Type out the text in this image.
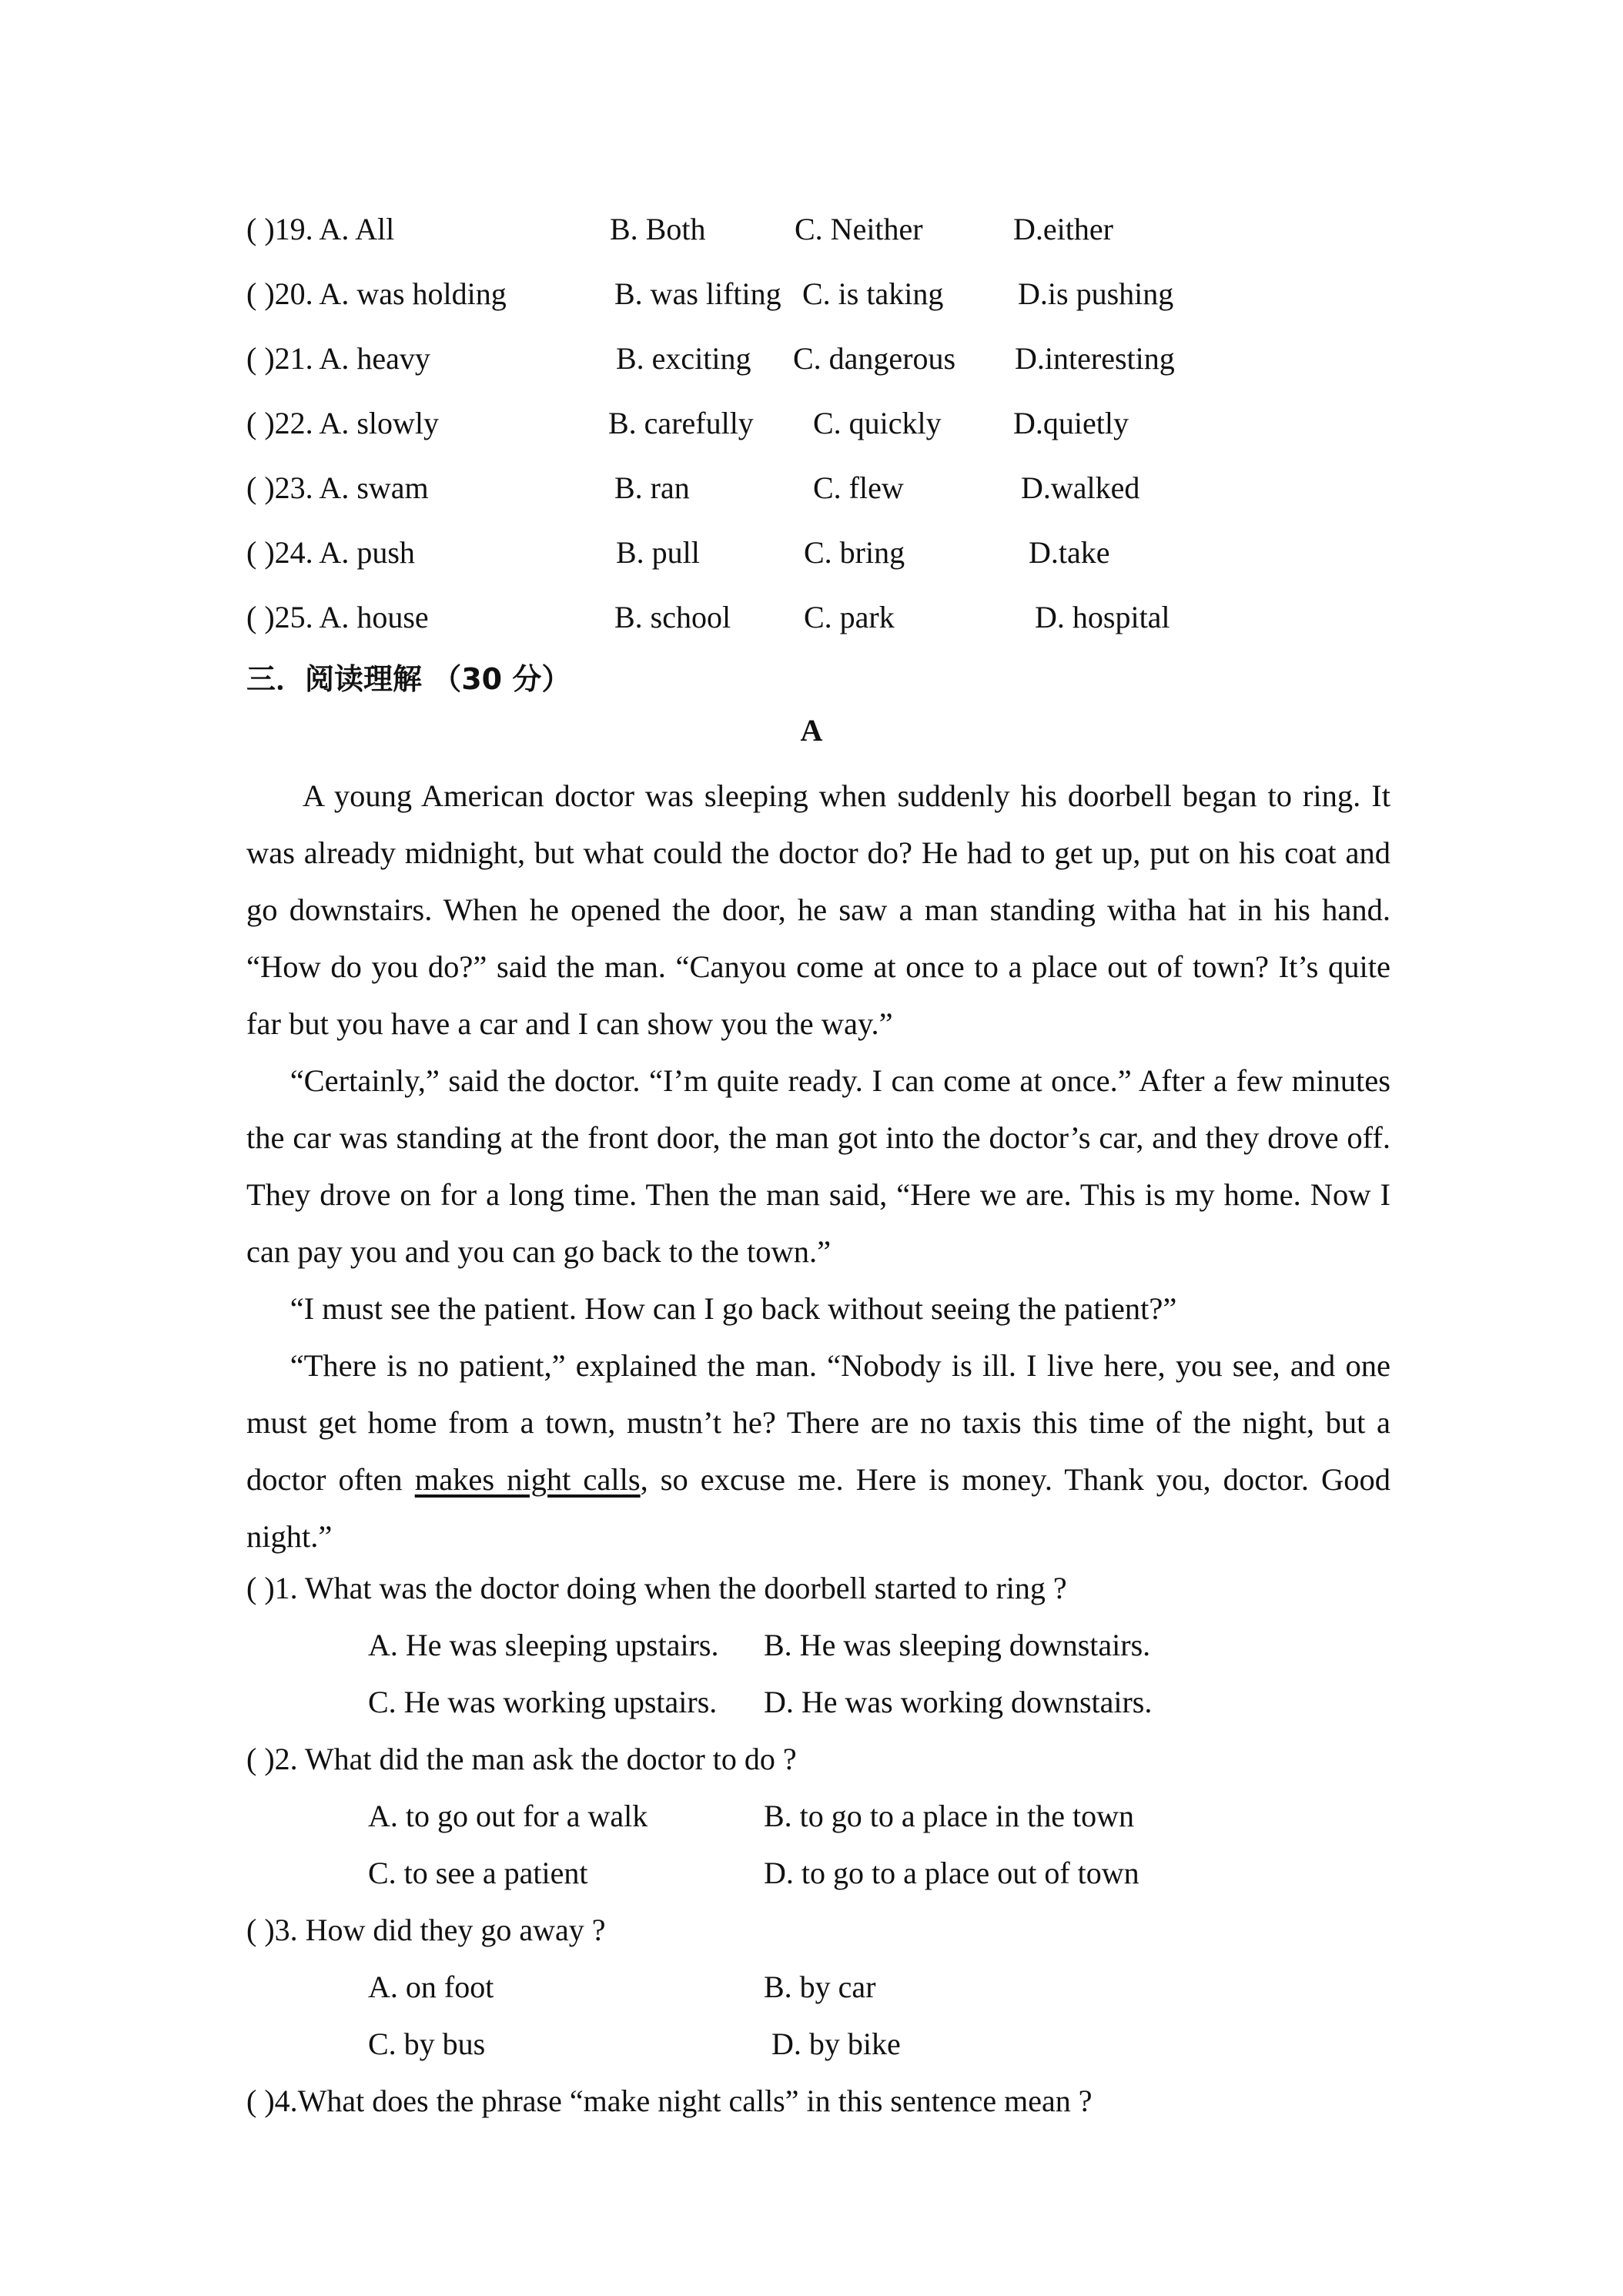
( )19. A. All	B. Both	C. Neither	D.either
( )20. A. was holding	B. was lifting C. is taking D.is pushing
( )21. A. heavy	B. exciting C. dangerous D.interesting
( )22. A. slowly	B. carefully C. quickly D.quietly
( )23. A. swam	B. ran	C. flew	D.walked
( )24. A. push	B. pull	C. bring	D.take
( )25. A. house	B. school C. park	D. hospital
三．阅读理解 （30 分）
A

A young American doctor was sleeping when suddenly his doorbell began to ring. It was already midnight, but what could the doctor do? He had to get up, put on his coat and go downstairs. When he opened the door, he saw a man standing witha hat in his hand. “How do you do?” said the man. “Canyou come at once to a place out of town? It’s quite far but you have a car and I can show you the way.”

“Certainly,” said the doctor. “I’m quite ready. I can come at once.” After a few minutes the car was standing at the front door, the man got into the doctor’s car, and they drove off. They drove on for a long time. Then the man said, “Here we are. This is my home. Now I can pay you and you can go back to the town.”

“I must see the patient. How can I go back without seeing the patient?”

“There is no patient,” explained the man. “Nobody is ill. I live here, you see, and one must get home from a town, mustn’t he? There are no taxis this time of the night, but a doctor often makes night calls, so excuse me. Here is money. Thank you, doctor. Good night.”

( )1. What was the doctor doing when the doorbell started to ring ?
A. He was sleeping upstairs. B. He was sleeping downstairs.
C. He was working upstairs. D. He was working downstairs.
( )2. What did the man ask the doctor to do ?
A. to go out for a walk	B. to go to a place in the town
C. to see a patient	D. to go to a place out of town
( )3. How did they go away ?
A. on foot	B. by car
C. by bus	D. by bike
( )4.What does the phrase “make night calls” in this sentence mean ?
